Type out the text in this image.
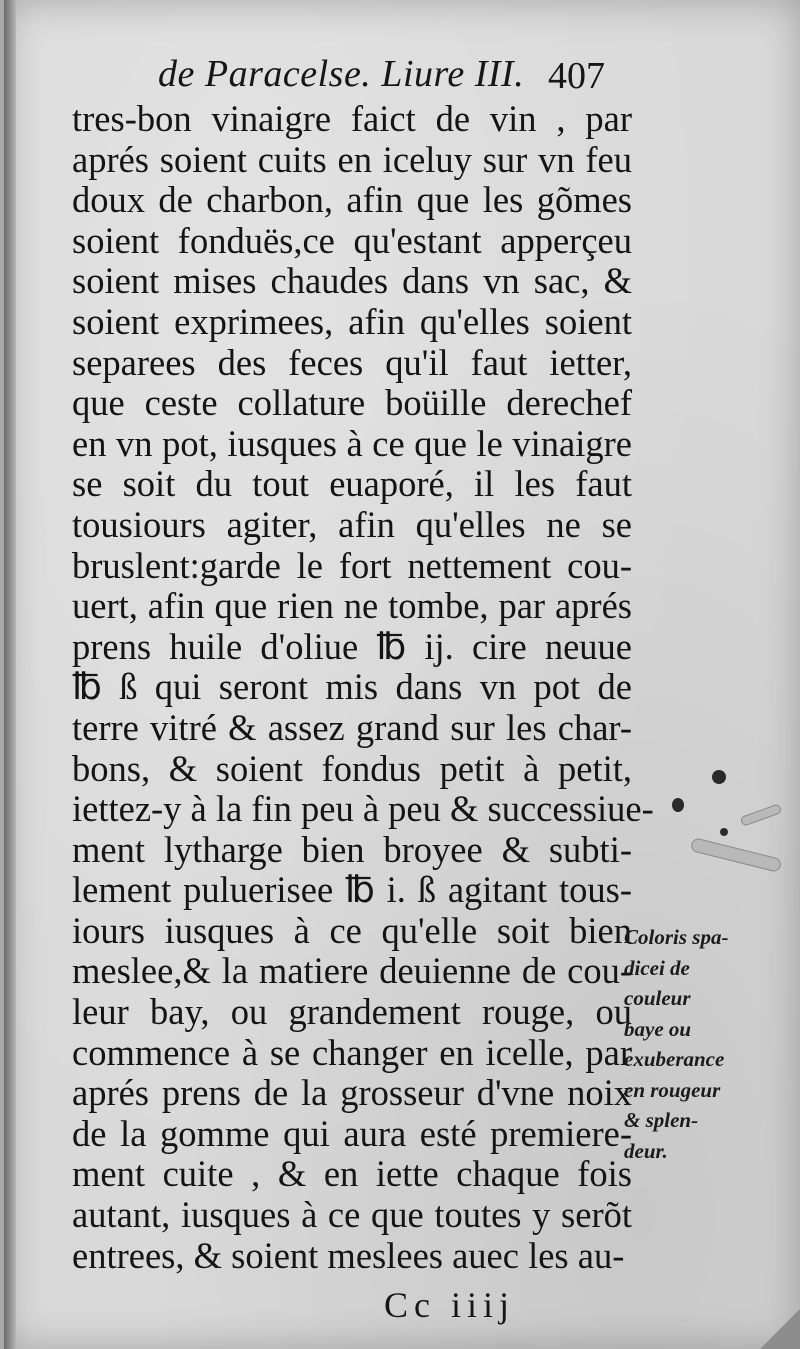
de Paracelse. Liure III. 407
tres-bon vinaigre faict de vin , par
aprés soient cuits en iceluy sur vn feu
doux de charbon, afin que les gõmes
soient fonduës,ce qu'estant apperçeu
soient mises chaudes dans vn sac, &
soient exprimees, afin qu'elles soient
separees des feces qu'il faut ietter,
que ceste collature boüille derechef
en vn pot, iusques à ce que le vinaigre
se soit du tout euaporé, il les faut
tousiours agiter, afin qu'elles ne se
bruslent:garde le fort nettement cou-
uert, afin que rien ne tombe, par aprés
prens huile d'oliue ℔ ij. cire neuue
℔ ß qui seront mis dans vn pot de
terre vitré & assez grand sur les char-
bons, & soient fondus petit à petit,
iettez-y à la fin peu à peu & successiue-
ment lytharge bien broyee & subti-
lement puluerisee ℔ i. ß agitant tous-
iours iusques à ce qu'elle soit bien
meslee,& la matiere deuienne de cou-
leur bay, ou grandement rouge, ou
commence à se changer en icelle, par
aprés prens de la grosseur d'vne noix
de la gomme qui aura esté premiere-
ment cuite , & en iette chaque fois
autant, iusques à ce que toutes y serõt
entrees, & soient meslees auec les au-
Coloris spa-
dicei de
couleur
baye ou
exuberance
en rougeur
& splen-
deur.
Cc iiij
